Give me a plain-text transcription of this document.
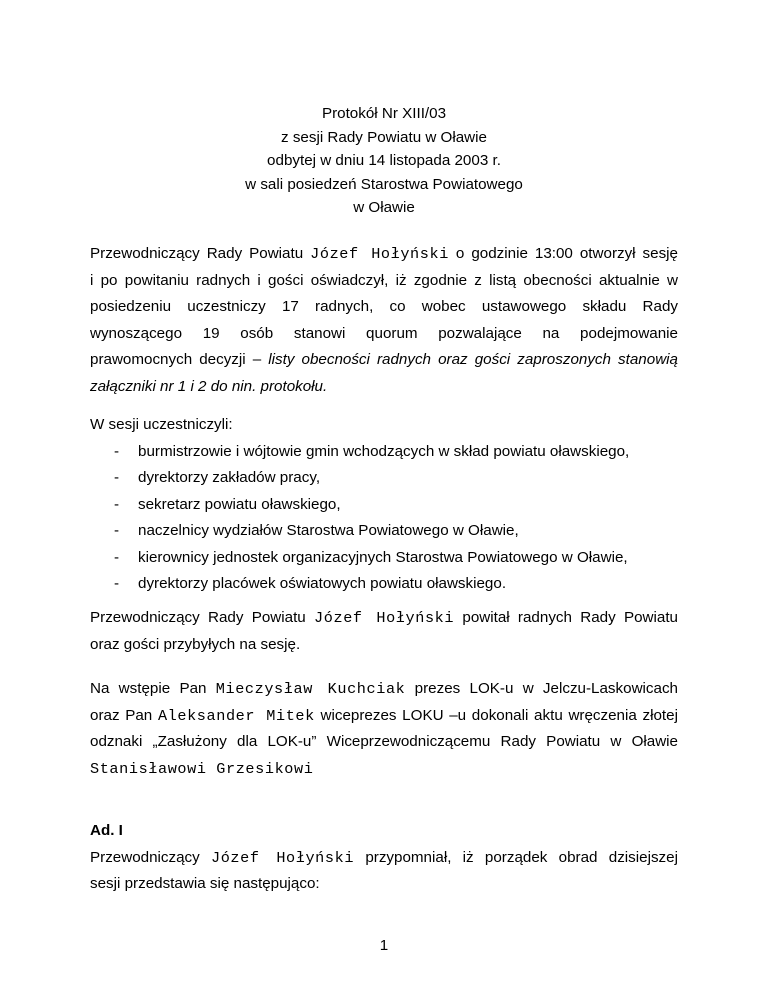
Protokół Nr XIII/03
z sesji Rady Powiatu w Oławie
odbytej w dniu 14 listopada 2003 r.
w sali posiedzeń Starostwa Powiatowego
w Oławie
Przewodniczący Rady Powiatu Józef Hołyński o godzinie 13:00 otworzył sesję
i po powitaniu radnych i gości oświadczył, iż zgodnie z listą obecności aktualnie w
posiedzeniu uczestniczy 17 radnych, co wobec ustawowego składu Rady
wynoszącego 19 osób stanowi quorum pozwalające na podejmowanie
prawomocnych decyzji – listy obecności radnych oraz gości zaproszonych stanowią
załączniki nr 1 i 2 do nin. protokołu.
W sesji uczestniczyli:
- burmistrzowie i wójtowie gmin wchodzących w skład powiatu oławskiego,
- dyrektorzy zakładów pracy,
- sekretarz powiatu oławskiego,
- naczelnicy wydziałów Starostwa Powiatowego w Oławie,
- kierownicy jednostek organizacyjnych Starostwa Powiatowego w Oławie,
- dyrektorzy placówek oświatowych powiatu oławskiego.
Przewodniczący Rady Powiatu Józef Hołyński powitał radnych Rady Powiatu
oraz gości przybyłych na sesję.
Na wstępie Pan Mieczysław Kuchciak prezes LOK-u w Jelczu-Laskowicach
oraz Pan Aleksander Mitek wiceprezes LOKU –u dokonali aktu wręczenia złotej
odznaki „Zasłużony dla LOK-u” Wiceprzewodniczącemu Rady Powiatu w Oławie
Stanisławowi Grzesikowi
Ad. I
Przewodniczący Józef Hołyński przypomniał, iż porządek obrad dzisiejszej
sesji przedstawia się następująco:
1
